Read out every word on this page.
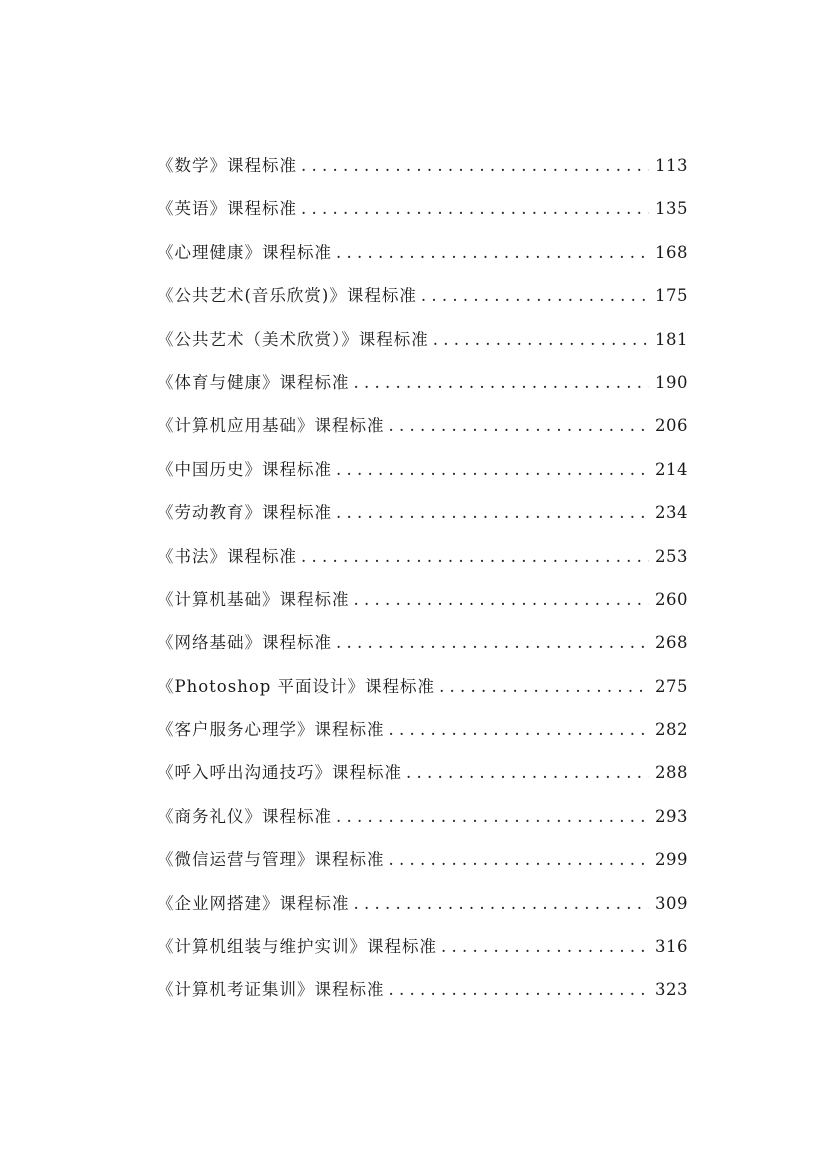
《数学》课程标准 . . .	113
《英语》课程标准 . . .	135
《心理健康》课程标准 . . .	168
《公共艺术(音乐欣赏)》课程标准 . . .	175
《公共艺术（美术欣赏）》课程标准 . . .	181
《体育与健康》课程标准 . . .	190
《计算机应用基础》课程标准 . . .	206
《中国历史》课程标准 . . .	214
《劳动教育》课程标准 . . .	234
《书法》课程标准 . . .	253
《计算机基础》课程标准 . . .	260
《网络基础》课程标准 . . .	268
《Photoshop 平面设计》课程标准 . . .	275
《客户服务心理学》课程标准 . . .	282
《呼入呼出沟通技巧》课程标准 . . .	288
《商务礼仪》课程标准 . . .	293
《微信运营与管理》课程标准 . . .	299
《企业网搭建》课程标准 . . .	309
《计算机组装与维护实训》课程标准 . . .	316
《计算机考证集训》课程标准 . . .	323
